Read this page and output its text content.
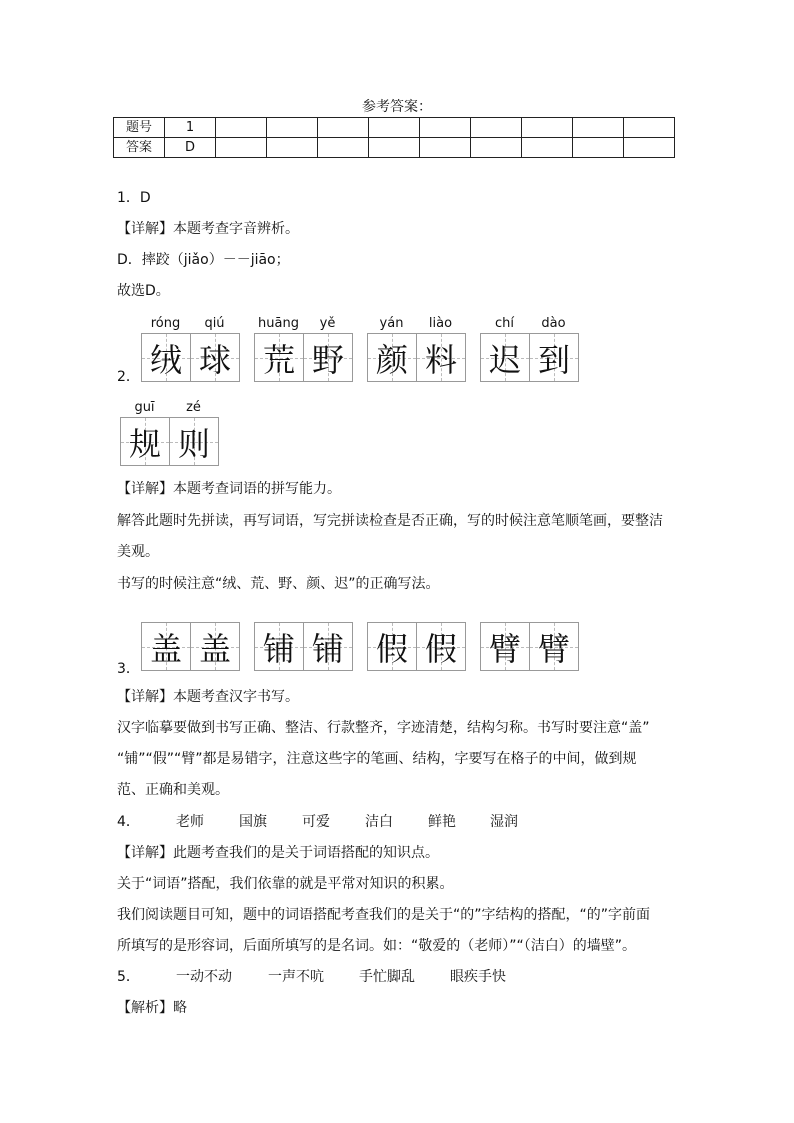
参考答案：
题号	1									
答案	D									
1．D
【详解】本题考查字音辨析。
D．摔跤（jiǎo）－－jiāo；
故选D。
2．
róng	qiú
绒 球
huāng	yě
荒 野
yán	liào
颜 料
chí	dào
迟 到
guī	zé
规 则
【详解】本题考查词语的拼写能力。
解答此题时先拼读，再写词语，写完拼读检查是否正确，写的时候注意笔顺笔画，要整洁
美观。
书写的时候注意“绒、荒、野、颜、迟”的正确写法。
3．
盖 盖 铺 铺 假 假 臂 臂
【详解】本题考查汉字书写。
汉字临摹要做到书写正确、整洁、行款整齐，字迹清楚，结构匀称。书写时要注意“盖”
“铺”“假”“臂”都是易错字，注意这些字的笔画、结构，字要写在格子的中间，做到规
范、正确和美观。
4．	老师	国旗	可爱	洁白	鲜艳 湿润
【详解】此题考查我们的是关于词语搭配的知识点。
关于“词语”搭配，我们依靠的就是平常对知识的积累。
我们阅读题目可知，题中的词语搭配考查我们的是关于“的”字结构的搭配，“的”字前面
所填写的是形容词，后面所填写的是名词。如：“敬爱的（老师）”“（洁白）的墙壁”。
5．	一动不动	一声不吭	手忙脚乱	眼疾手快
【解析】略
